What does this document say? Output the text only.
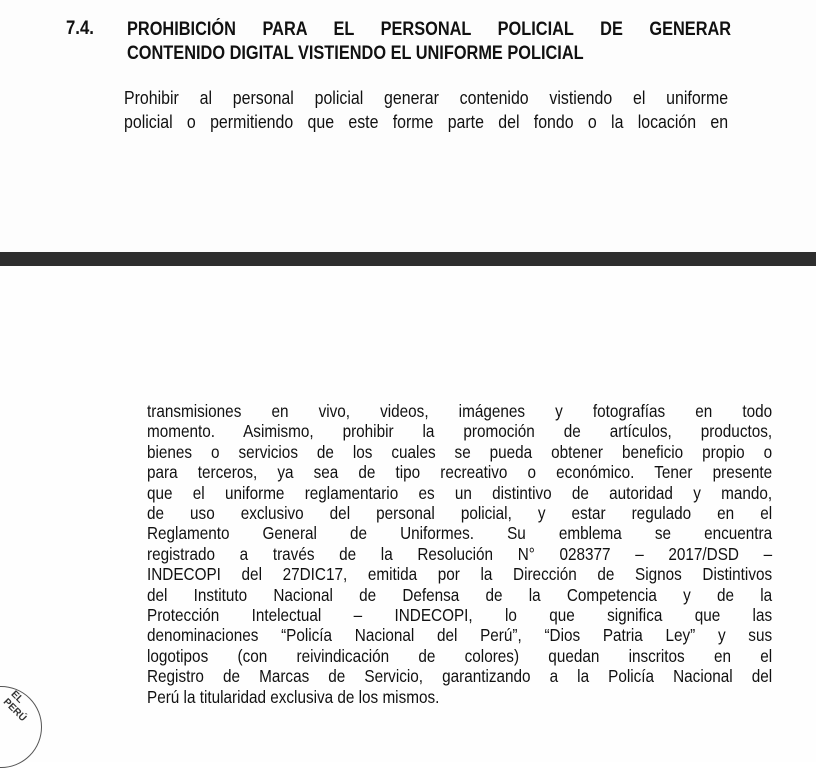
7.4. PROHIBICIÓN PARA EL PERSONAL POLICIAL DE GENERAR
CONTENIDO DIGITAL VISTIENDO EL UNIFORME POLICIAL
Prohibir al personal policial generar contenido vistiendo el uniforme
policial o permitiendo que este forme parte del fondo o la locación en
transmisiones en vivo, videos, imágenes y fotografías en todo
momento. Asimismo, prohibir la promoción de artículos, productos,
bienes o servicios de los cuales se pueda obtener beneficio propio o
para terceros, ya sea de tipo recreativo o económico. Tener presente
que el uniforme reglamentario es un distintivo de autoridad y mando,
de uso exclusivo del personal policial, y estar regulado en el
Reglamento General de Uniformes. Su emblema se encuentra
registrado a través de la Resolución N° 028377 – 2017/DSD –
INDECOPI del 27DIC17, emitida por la Dirección de Signos Distintivos
del Instituto Nacional de Defensa de la Competencia y de la
Protección Intelectual – INDECOPI, lo que significa que las
denominaciones “Policía Nacional del Perú”, “Dios Patria Ley” y sus
logotipos (con reivindicación de colores) quedan inscritos en el
Registro de Marcas de Servicio, garantizando a la Policía Nacional del
Perú la titularidad exclusiva de los mismos.
EL PERÚ
